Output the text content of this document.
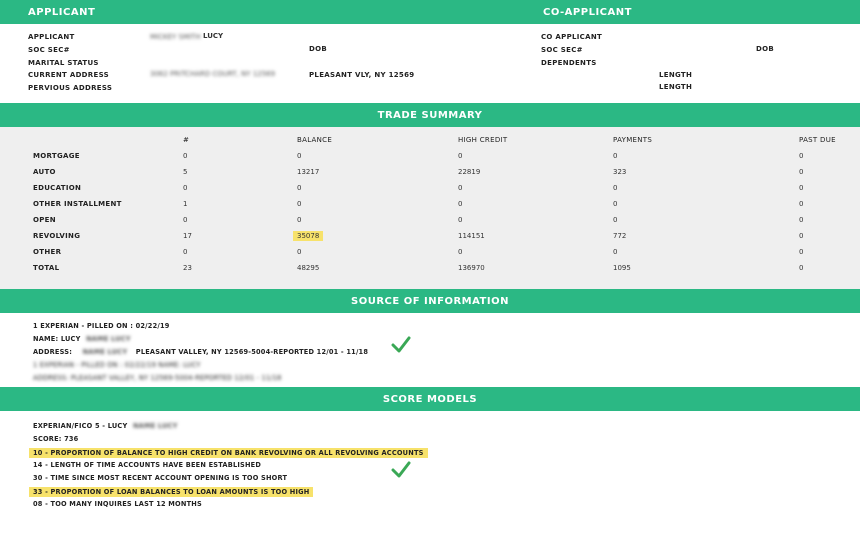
APPLICANT	CO-APPLICANT
APPLICANT	MICKEY SMITH LUCY
SOC SEC#	DOB
MARITAL STATUS
CURRENT ADDRESS	3062 PRITCHARD COURT, NY 12569	PLEASANT VLY, NY 12569
PERVIOUS ADDRESS
CO APPLICANT
SOC SEC#	DOB
DEPENDENTS
LENGTH
LENGTH
TRADE SUMMARY
#	BALANCE	HIGH CREDIT	PAYMENTS	PAST DUE
MORTGAGE	0	0	0	0	0
AUTO	5	13217	22819	323	0
EDUCATION	0	0	0	0	0
OTHER INSTALLMENT	1	0	0	0	0
OPEN	0	0	0	0	0
REVOLVING	17	35078	114151	772	0
OTHER	0	0	0	0	0
TOTAL	23	48295	136970	1095	0
SOURCE OF INFORMATION
1 EXPERIAN - PILLED ON : 02/22/19
NAME: LUCY NAME LUCY
ADDRESS: NAME LUCY PLEASANT VALLEY, NY 12569-5004-REPORTED 12/01 - 11/18
1 EXPERIAN - PILLED ON : 02/22/19 NAME: LUCY
ADDRESS: PLEASANT VALLEY, NY 12569-5004-REPORTED 12/01 - 11/18
SCORE MODELS
EXPERIAN/FICO 5 - LUCY NAME LUCY
SCORE: 736
10 - PROPORTION OF BALANCE TO HIGH CREDIT ON BANK REVOLVING OR ALL REVOLVING ACCOUNTS
14 - LENGTH OF TIME ACCOUNTS HAVE BEEN ESTABLISHED
30 - TIME SINCE MOST RECENT ACCOUNT OPENING IS TOO SHORT
33 - PROPORTION OF LOAN BALANCES TO LOAN AMOUNTS IS TOO HIGH
08 - TOO MANY INQUIRES LAST 12 MONTHS
